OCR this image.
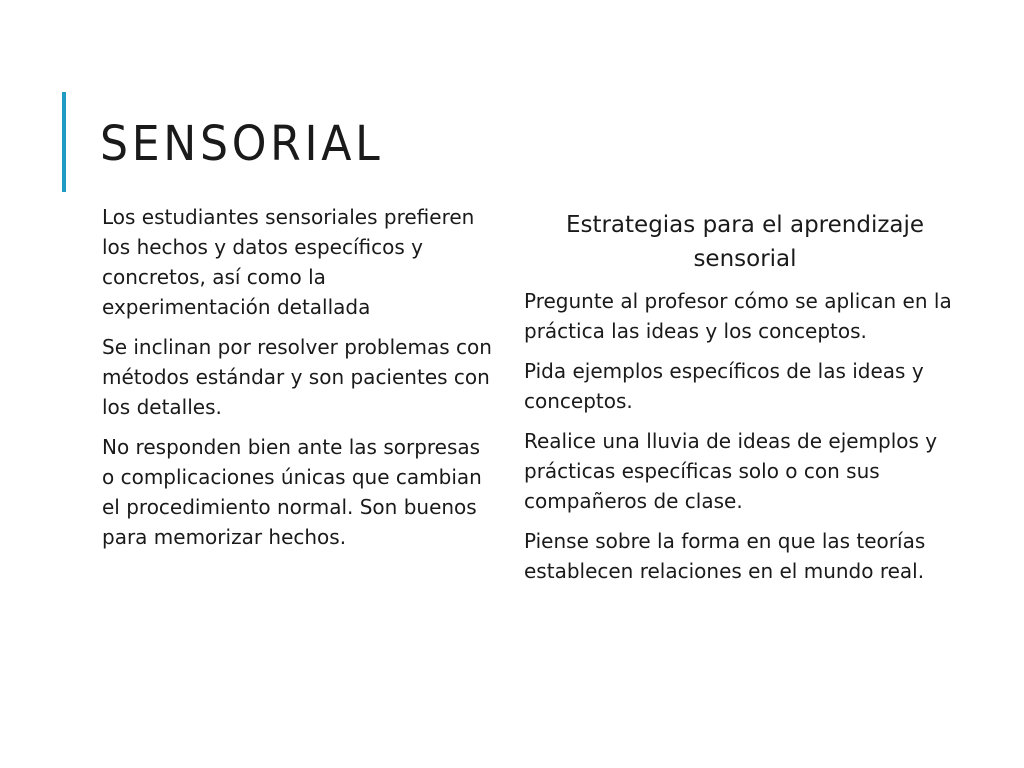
SENSORIAL

Los estudiantes sensoriales prefieren los hechos y datos específicos y concretos, así como la experimentación detallada

Se inclinan por resolver problemas con métodos estándar y son pacientes con los detalles.

No responden bien ante las sorpresas o complicaciones únicas que cambian el procedimiento normal. Son buenos para memorizar hechos.

Estrategias para el aprendizaje sensorial

Pregunte al profesor cómo se aplican en la práctica las ideas y los conceptos.

Pida ejemplos específicos de las ideas y conceptos.

Realice una lluvia de ideas de ejemplos y prácticas específicas solo o con sus compañeros de clase.

Piense sobre la forma en que las teorías establecen relaciones en el mundo real.
